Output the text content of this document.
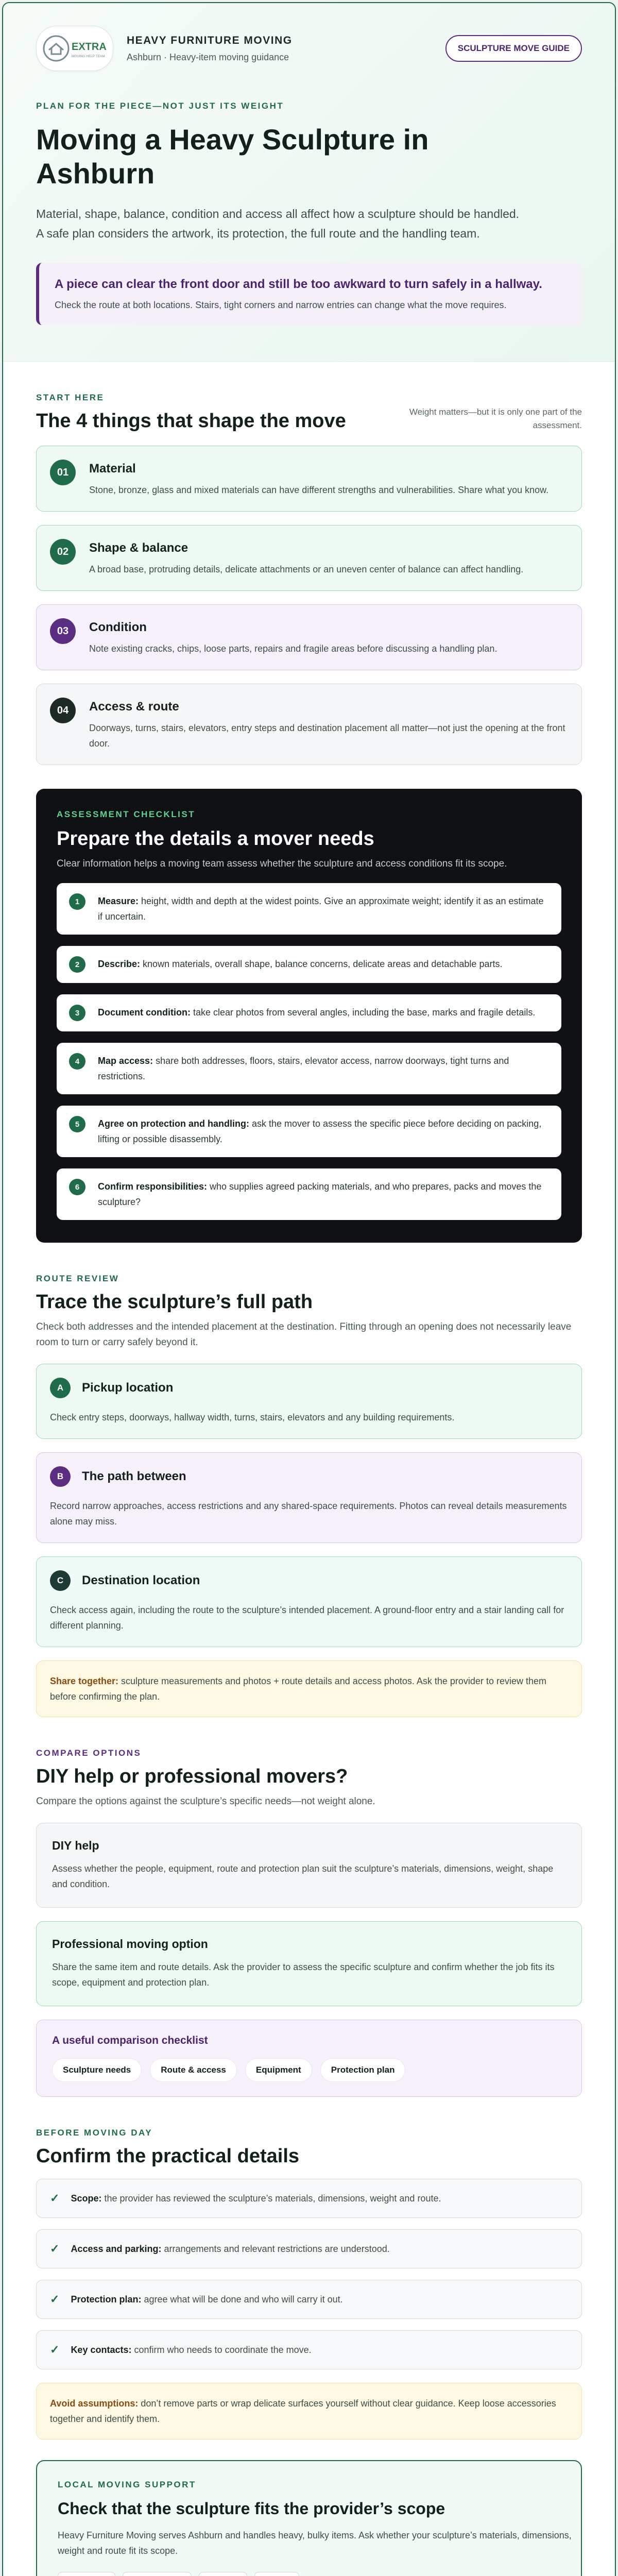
EXTRA
MOVING HELP TEAM
HEAVY FURNITURE MOVING
Ashburn · Heavy-item moving guidance
SCULPTURE MOVE GUIDE
PLAN FOR THE PIECE—NOT JUST ITS WEIGHT
Moving a Heavy Sculpture in Ashburn

Material, shape, balance, condition and access all affect how a sculpture should be handled. A safe plan considers the artwork, its protection, the full route and the handling team.

A piece can clear the front door and still be too awkward to turn safely in a hallway.
Check the route at both locations. Stairs, tight corners and narrow entries can change what the move requires.
START HERE
The 4 things that shape the move	Weight matters—but it is only one part of the assessment.
01	Material
Stone, bronze, glass and mixed materials can have different strengths and vulnerabilities. Share what you know.
02	Shape & balance
A broad base, protruding details, delicate attachments or an uneven center of balance can affect handling.
03	Condition
Note existing cracks, chips, loose parts, repairs and fragile areas before discussing a handling plan.
04	Access & route
Doorways, turns, stairs, elevators, entry steps and destination placement all matter—not just the opening at the front door.
ASSESSMENT CHECKLIST
Prepare the details a mover needs
Clear information helps a moving team assess whether the sculpture and access conditions fit its scope.
1	Measure: height, width and depth at the widest points. Give an approximate weight; identify it as an estimate if uncertain.
2	Describe: known materials, overall shape, balance concerns, delicate areas and detachable parts.
3	Document condition: take clear photos from several angles, including the base, marks and fragile details.
4	Map access: share both addresses, floors, stairs, elevator access, narrow doorways, tight turns and restrictions.
5	Agree on protection and handling: ask the mover to assess the specific piece before deciding on packing, lifting or possible disassembly.
6	Confirm responsibilities: who supplies agreed packing materials, and who prepares, packs and moves the sculpture?
ROUTE REVIEW
Trace the sculpture’s full path
Check both addresses and the intended placement at the destination. Fitting through an opening does not necessarily leave room to turn or carry safely beyond it.
A	Pickup location
Check entry steps, doorways, hallway width, turns, stairs, elevators and any building requirements.
B	The path between
Record narrow approaches, access restrictions and any shared-space requirements. Photos can reveal details measurements alone may miss.
C	Destination location
Check access again, including the route to the sculpture’s intended placement. A ground-floor entry and a stair landing call for different planning.
Share together: sculpture measurements and photos + route details and access photos. Ask the provider to review them before confirming the plan.
COMPARE OPTIONS
DIY help or professional movers?
Compare the options against the sculpture’s specific needs—not weight alone.
DIY help
Assess whether the people, equipment, route and protection plan suit the sculpture’s materials, dimensions, weight, shape and condition.
Professional moving option
Share the same item and route details. Ask the provider to assess the specific sculpture and confirm whether the job fits its scope, equipment and protection plan.
A useful comparison checklist
Sculpture needs	Route & access	Equipment	Protection plan
BEFORE MOVING DAY
Confirm the practical details
✓ Scope: the provider has reviewed the sculpture’s materials, dimensions, weight and route.
✓ Access and parking: arrangements and relevant restrictions are understood.
✓ Protection plan: agree what will be done and who will carry it out.
✓ Key contacts: confirm who needs to coordinate the move.
Avoid assumptions: don’t remove parts or wrap delicate surfaces yourself without clear guidance. Keep loose accessories together and identify them.
LOCAL MOVING SUPPORT
Check that the sculpture fits the provider’s scope
Heavy Furniture Moving serves Ashburn and handles heavy, bulky items. Ask whether your sculpture’s materials, dimensions, weight and route fit its scope.
